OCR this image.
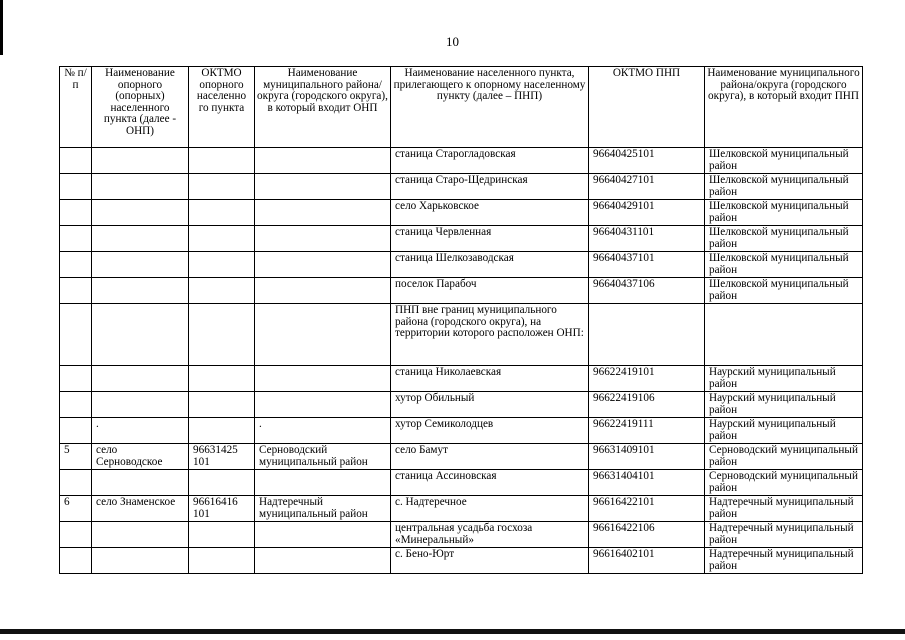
10
№ п/п	Наименование опорного (опорных) населенного пункта (далее - ОНП)	ОКТМО опорного населенно го пункта	Наименование муниципального района/округа (городского округа), в который входит ОНП	Наименование населенного пункта, прилегающего к опорному населенному пункту (далее – ПНП)	ОКТМО ПНП	Наименование муниципального района/округа (городского округа), в который входит ПНП
				станица Старогладовская	96640425101	Шелковской муниципальный район
				станица Старо-Щедринская	96640427101	Шелковской муниципальный район
				село Харьковское	96640429101	Шелковской муниципальный район
				станица Червленная	96640431101	Шелковской муниципальный район
				станица Шелкозаводская	96640437101	Шелковской муниципальный район
				поселок Парабоч	96640437106	Шелковской муниципальный район
				ПНП вне границ муниципального района (городского округа), на территории которого расположен ОНП:		
				станица Николаевская	96622419101	Наурский муниципальный район
				хутор Обильный	96622419106	Наурский муниципальный район
	.		.	хутор Семиколодцев	96622419111	Наурский муниципальный район
5	село Серноводское	96631425 101	Серноводский муниципальный район	село Бамут	96631409101	Серноводский муниципальный район
				станица Ассиновская	96631404101	Серноводский муниципальный район
6	село Знаменское	96616416 101	Надтеречный муниципальный район	с. Надтеречное	96616422101	Надтеречный муниципальный район
				центральная усадьба госхоза «Минеральный»	96616422106	Надтеречный муниципальный район
				с. Бено-Юрт	96616402101	Надтеречный муниципальный район
